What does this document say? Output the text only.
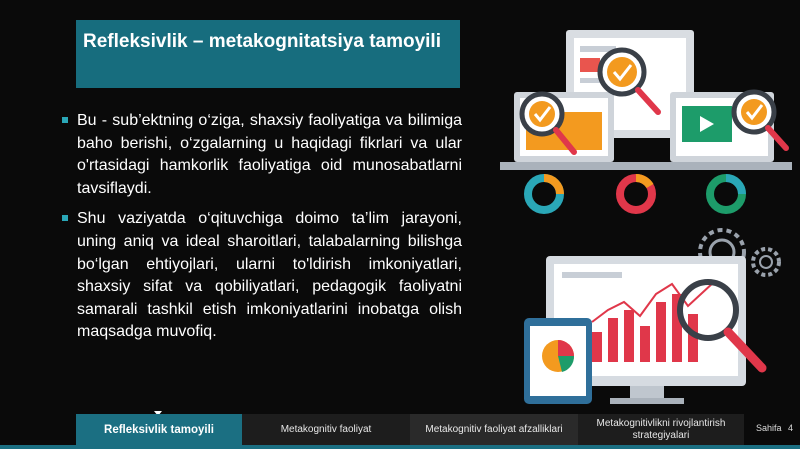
Refleksivlik – metakognitatsiya tamoyili

Bu - sub’ektning o‘ziga, shaxsiy faoliyatiga va bilimiga baho berishi, o‘zgalarning u haqidagi fikrlari va ular o'rtasidagi hamkorlik faoliyatiga oid munosabatlarni tavsiflaydi.

Shu vaziyatda o‘qituvchiga doimo ta’lim jarayoni, uning aniq va ideal sharoitlari, talabalarning bilishga bo‘lgan ehtiyojlari, ularni to'ldirish imkoniyatlari, shaxsiy sifat va qobiliyatlari, pedagogik faoliyatni samarali tashkil etish imkoniyatlarini inobatga olish maqsadga muvofiq.

Refleksivlik tamoyili	Metakognitiv faoliyat	Metakognitiv faoliyat afzalliklari
Metakognitivlikni rivojlantirish strategiyalari
Sahifa 4
